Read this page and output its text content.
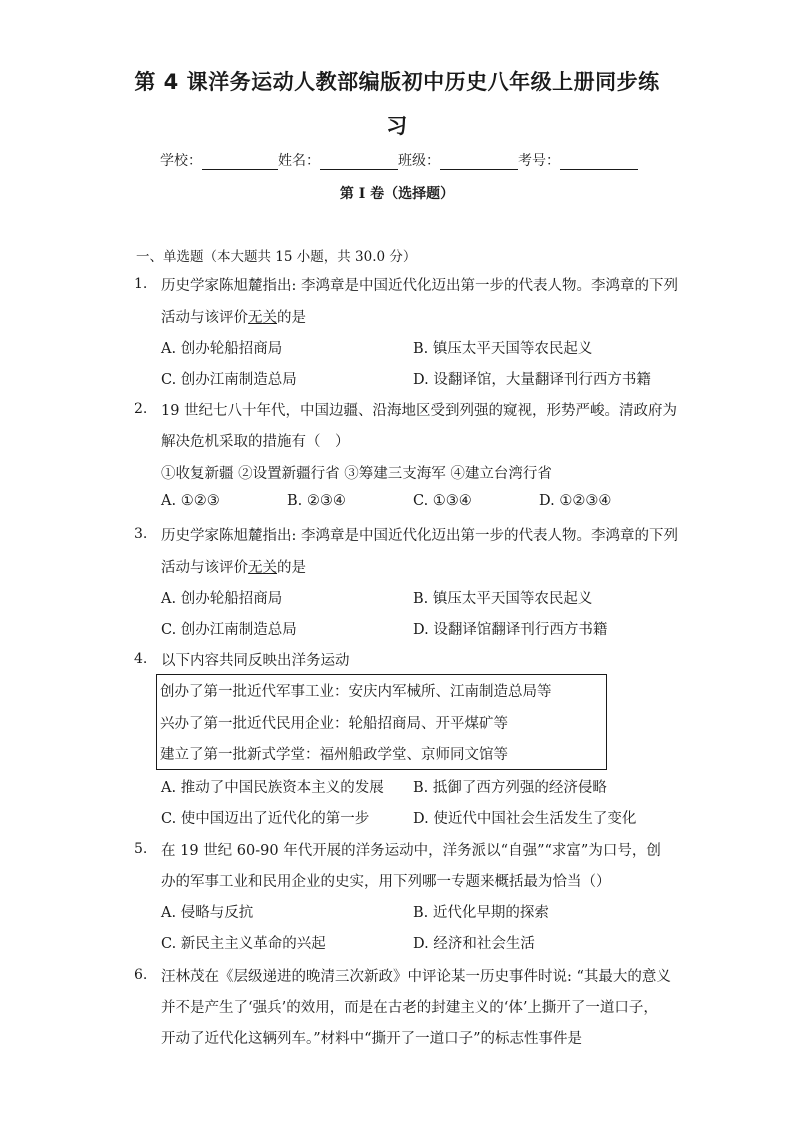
第 4 课洋务运动人教部编版初中历史八年级上册同步练
习
学校：	姓名：	班级：	考号：
第 I 卷（选择题）
一、单选题（本大题共 15 小题，共 30.0 分）
1. 历史学家陈旭麓指出: 李鸿章是中国近代化迈出第一步的代表人物。李鸿章的下列
活动与该评价无关的是
A. 创办轮船招商局	B. 镇压太平天国等农民起义
C. 创办江南制造总局	D. 设翻译馆，大量翻译刊行西方书籍
2. 19 世纪七八十年代，中国边疆、沿海地区受到列强的窥视，形势严峻。清政府为
解决危机采取的措施有（　）
①收复新疆 ②设置新疆行省 ③筹建三支海军 ④建立台湾行省
A. ①②③	B. ②③④	C. ①③④	D. ①②③④
3. 历史学家陈旭麓指出: 李鸿章是中国近代化迈出第一步的代表人物。李鸿章的下列
活动与该评价无关的是
A. 创办轮船招商局	B. 镇压太平天国等农民起义
C. 创办江南制造总局	D. 设翻译馆翻译刊行西方书籍
4. 以下内容共同反映出洋务运动
创办了第一批近代军事工业：安庆内军械所、江南制造总局等
兴办了第一批近代民用企业：轮船招商局、开平煤矿等
建立了第一批新式学堂：福州船政学堂、京师同文馆等
A. 推动了中国民族资本主义的发展 B. 抵御了西方列强的经济侵略
C. 使中国迈出了近代化的第一步	D. 使近代中国社会生活发生了变化
5. 在 19 世纪 60-90 年代开展的洋务运动中，洋务派以“自强”“求富”为口号，创
办的军事工业和民用企业的史实，用下列哪一专题来概括最为恰当（）
A. 侵略与反抗	B. 近代化早期的探索
C. 新民主主义革命的兴起	D. 经济和社会生活
6. 汪林茂在《层级递进的晚清三次新政》中评论某一历史事件时说: “其最大的意义
并不是产生了‘强兵’的效用，而是在古老的封建主义的‘体’上撕开了一道口子，
开动了近代化这辆列车。”材料中“撕开了一道口子”的标志性事件是
